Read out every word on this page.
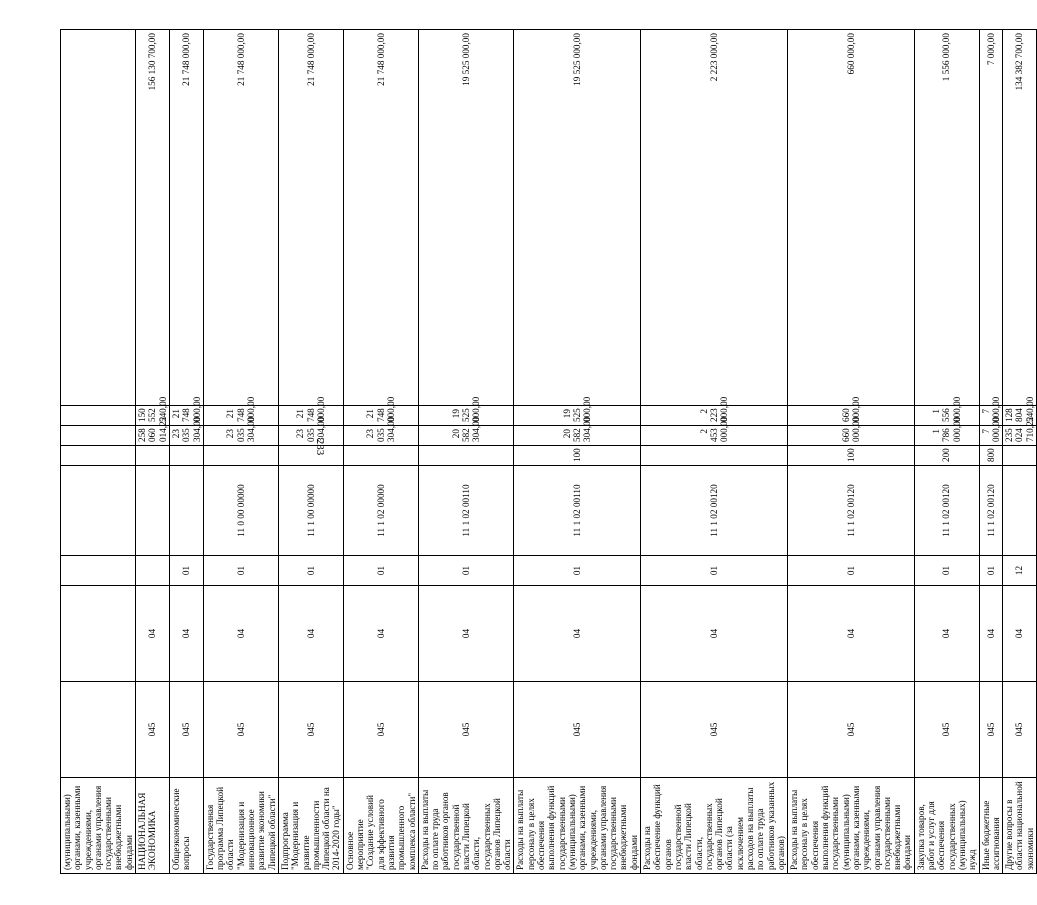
233
(муниципальными) органами, казенными учреждениями, органами управления государственными внебюджетными фондами								
НАЦИОНАЛЬНАЯ ЭКОНОМИКА	045	04				258 060 014,22	150 552 540,00	156 130 700,00
Общеэкономические вопросы	045	04	01			23 035 304,00	21 748 000,00	21 748 000,00
Государственная программа Липецкой области "Модернизация и инновационное развитие экономики Липецкой области"	045	04	01	11 0 00 00000		23 035 304,00	21 748 000,00	21 748 000,00
Подпрограмма "Модернизация и развитие промышленности Липецкой области на 2014-2020 годы"	045	04	01	11 1 00 00000		23 035 304,00	21 748 000,00	21 748 000,00
Основное мероприятие "Создание условий для эффективного развития промышленного комплекса области"	045	04	01	11 1 02 00000		23 035 304,00	21 748 000,00	21 748 000,00
Расходы на выплаты по оплате труда работников органов государственной власти Липецкой области, государственных органов Липецкой области	045	04	01	11 1 02 00110		20 582 304,00	19 525 000,00	19 525 000,00
Расходы на выплаты персоналу в целях обеспечения выполнения функций государственными (муниципальными) органами, казенными учреждениями, органами управления государственными внебюджетными фондами	045	04	01	11 1 02 00110	100	20 582 304,00	19 525 000,00	19 525 000,00
Расходы на обеспечение функций органов государственной власти Липецкой области, государственных органов Липецкой области (за исключением расходов на выплаты по оплате труда работников указанных органов)	045	04	01	11 1 02 00120		2 453 000,00	2 223 000,00	2 223 000,00
Расходы на выплаты персоналу в целях обеспечения выполнения функций государственными (муниципальными) органами, казенными учреждениями, органами управления государственными внебюджетными фондами	045	04	01	11 1 02 00120	100	660 000,00	660 000,00	660 000,00
Закупка товаров, работ и услуг для обеспечения государственных (муниципальных) нужд	045	04	01	11 1 02 00120	200	1 786 000,00	1 556 000,00	1 556 000,00
Иные бюджетные ассигнования	045	04	01	11 1 02 00120	800	7 000,00	7 000,00	7 000,00
Другие вопросы в области национальной экономики	045	04	12			235 024 710,22	128 804 540,00	134 382 700,00
